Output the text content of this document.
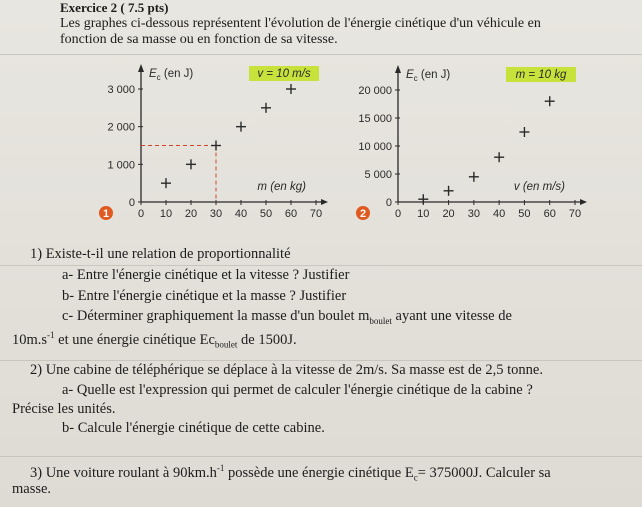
Exercice 2 ( 7.5 pts)
Les graphes ci-dessous représentent l'évolution de l'énergie cinétique d'un véhicule en
fonction de sa masse ou en fonction de sa vitesse.
0 10 20 30 40 50 60 70
0
1 000
2 000
3 000
$E_c$ (en J)	v = 10 m/s
m (en kg)
1	0 10 20 30 40 50 60 70
0
5 000
10 000
15 000
20 000
$E_c$ (en J)	m = 10 kg
v (en m/s)
2
1) Existe-t-il une relation de proportionnalité
a- Entre l'énergie cinétique et la vitesse ? Justifier
b- Entre l'énergie cinétique et la masse ? Justifier
c- Déterminer graphiquement la masse d'un boulet $m_{boulet}$ ayant une vitesse de
$10m.s^{-1}$ et une énergie cinétique $Ec_{boulet}$ de 1500J.
2) Une cabine de téléphérique se déplace à la vitesse de 2m/s. Sa masse est de 2,5 tonne.
a- Quelle est l'expression qui permet de calculer l'énergie cinétique de la cabine ?
Précise les unités.
b- Calcule l'énergie cinétique de cette cabine.
3) Une voiture roulant à $90km.h^{-1}$ possède une énergie cinétique $E_c= 375000J$. Calculer sa
masse.
